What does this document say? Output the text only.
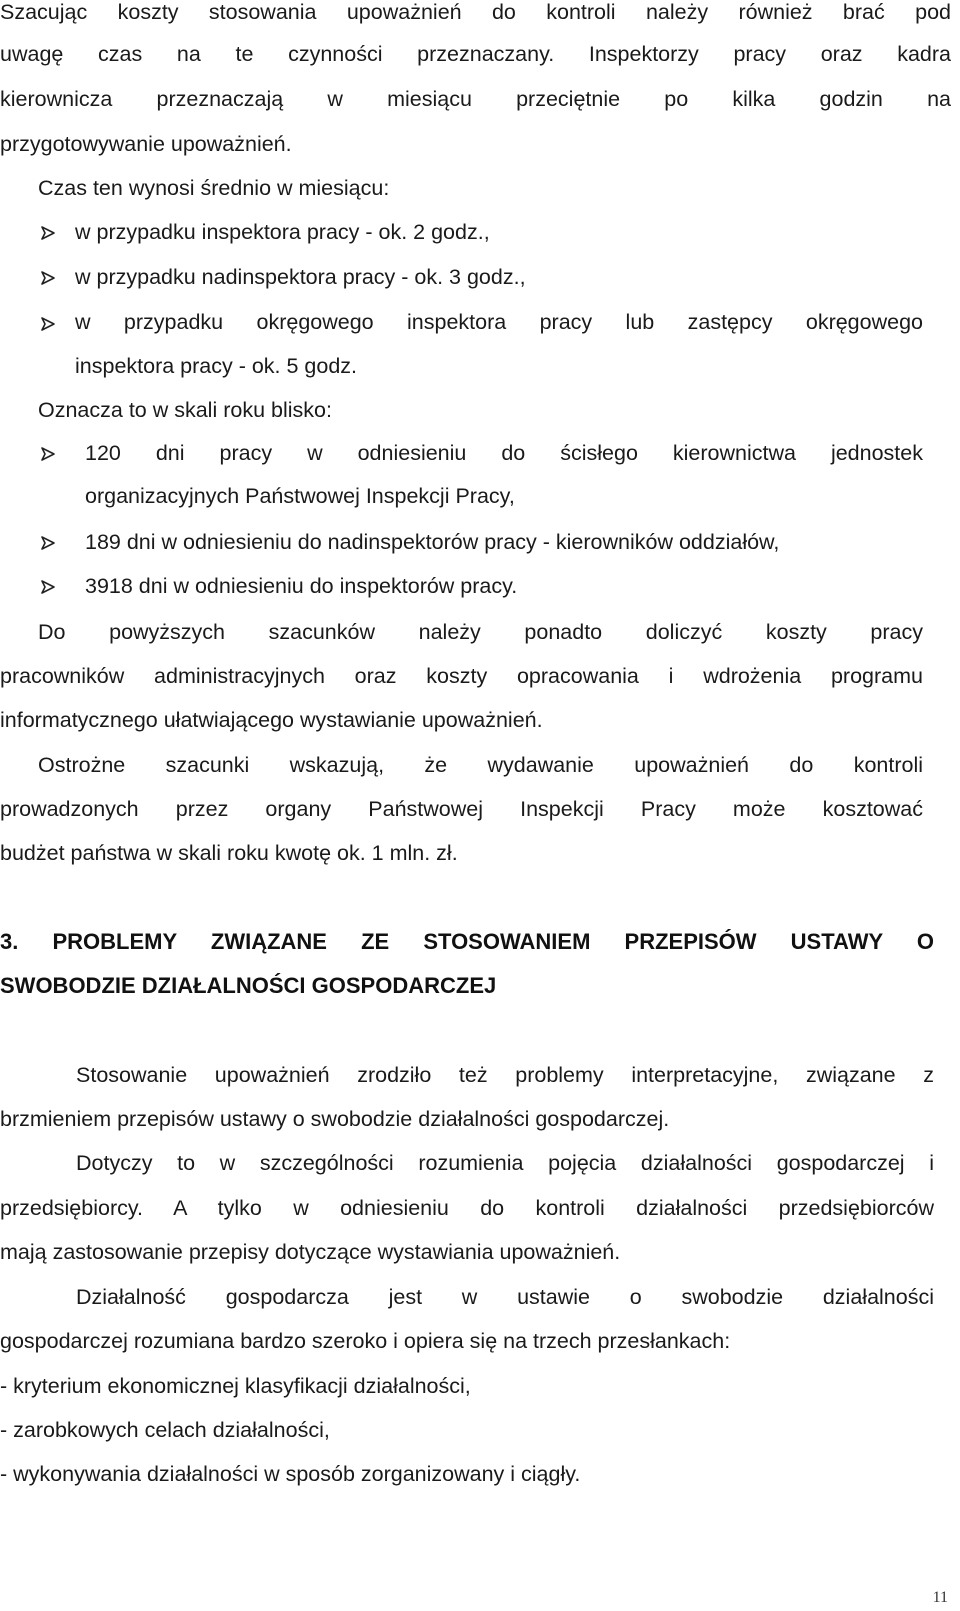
Szacując koszty stosowania upoważnień do kontroli należy również brać pod
uwagę czas na te czynności przeznaczany. Inspektorzy pracy oraz kadra
kierownicza przeznaczają w miesiącu przeciętnie po kilka godzin na
przygotowywanie upoważnień.
Czas ten wynosi średnio w miesiącu:
w przypadku inspektora pracy - ok. 2 godz.,
w przypadku nadinspektora pracy - ok. 3 godz.,
w przypadku okręgowego inspektora pracy lub zastępcy okręgowego
inspektora pracy - ok. 5 godz.
Oznacza to w skali roku blisko:
120 dni pracy w odniesieniu do ścisłego kierownictwa jednostek
organizacyjnych Państwowej Inspekcji Pracy,
189 dni w odniesieniu do nadinspektorów pracy - kierowników oddziałów,
3918 dni w odniesieniu do inspektorów pracy.
Do powyższych szacunków należy ponadto doliczyć koszty pracy
pracowników administracyjnych oraz koszty opracowania i wdrożenia programu
informatycznego ułatwiającego wystawianie upoważnień.
Ostrożne szacunki wskazują, że wydawanie upoważnień do kontroli
prowadzonych przez organy Państwowej Inspekcji Pracy może kosztować
budżet państwa w skali roku kwotę ok. 1 mln. zł.
3. PROBLEMY ZWIĄZANE ZE STOSOWANIEM PRZEPISÓW USTAWY O
SWOBODZIE DZIAŁALNOŚCI GOSPODARCZEJ
Stosowanie upoważnień zrodziło też problemy interpretacyjne, związane z
brzmieniem przepisów ustawy o swobodzie działalności gospodarczej.
Dotyczy to w szczególności rozumienia pojęcia działalności gospodarczej i
przedsiębiorcy. A tylko w odniesieniu do kontroli działalności przedsiębiorców
mają zastosowanie przepisy dotyczące wystawiania upoważnień.
Działalność gospodarcza jest w ustawie o swobodzie działalności
gospodarczej rozumiana bardzo szeroko i opiera się na trzech przesłankach:
- kryterium ekonomicznej klasyfikacji działalności,
- zarobkowych celach działalności,
- wykonywania działalności w sposób zorganizowany i ciągły.
11
